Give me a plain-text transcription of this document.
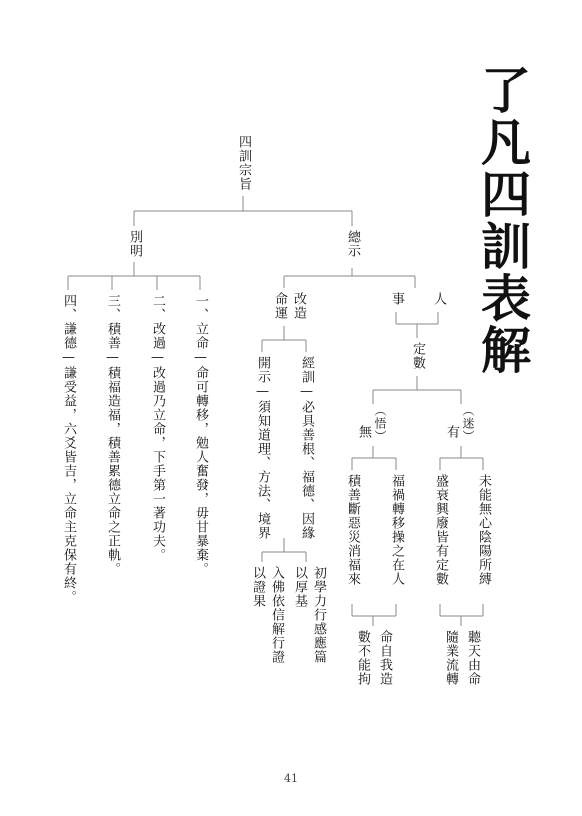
了凡四訓表解
四訓宗旨
別明	總示
一、立命—命可轉移，勉人奮發，毋甘暴棄。
二、改過—改過乃立命，下手第一著功夫。
三、積善—積福造福，積善累德立命之正軌。
四、謙德—謙受益，六爻皆吉，立命主克保有終。	改造
命運
經訓—必具善根、福德、因緣
開示—須知道理、方法、境界
初學力行感應篇
以厚基
入佛依信解行證
以證果
事 人
定數
（悟）
無	（迷）
有
福禍轉移操之在人
積善斷惡災消福來	未能無心陰陽所縛
盛衰興廢皆有定數
命自我造
數不能拘	聽天由命
隨業流轉
41
